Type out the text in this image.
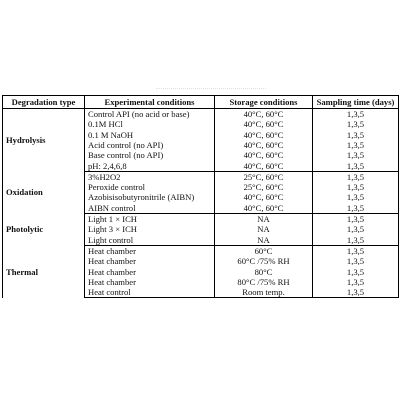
Degradation type	Experimental conditions	Storage conditions	Sampling time (days)
Hydrolysis	Control API (no acid or base)	40°C, 60°C	1,3,5
	0.1M HCl	40°C, 60°C	1,3,5
	0.1 M NaOH	40°C, 60°C	1,3,5
	Acid control (no API)	40°C, 60°C	1,3,5
	Base control (no API)	40°C, 60°C	1,3,5
	pH: 2,4,6,8	40°C, 60°C	1,3,5
Oxidation	3%H2O2	25°C, 60°C	1,3,5
	Peroxide control	25°C, 60°C	1,3,5
	Azobisisobutyronitrile (AIBN)	40°C, 60°C	1,3,5
	AIBN control	40°C, 60°C	1,3,5
Photolytic	Light 1 × ICH	NA	1,3,5
	Light 3 × ICH	NA	1,3,5
	Light control	NA	1,3,5
Thermal	Heat chamber	60°C	1,3,5
	Heat chamber	60°C /75% RH	1,3,5
	Heat chamber	80°C	1,3,5
	Heat chamber	80°C /75% RH	1,3,5
	Heat control	Room temp.	1,3,5
